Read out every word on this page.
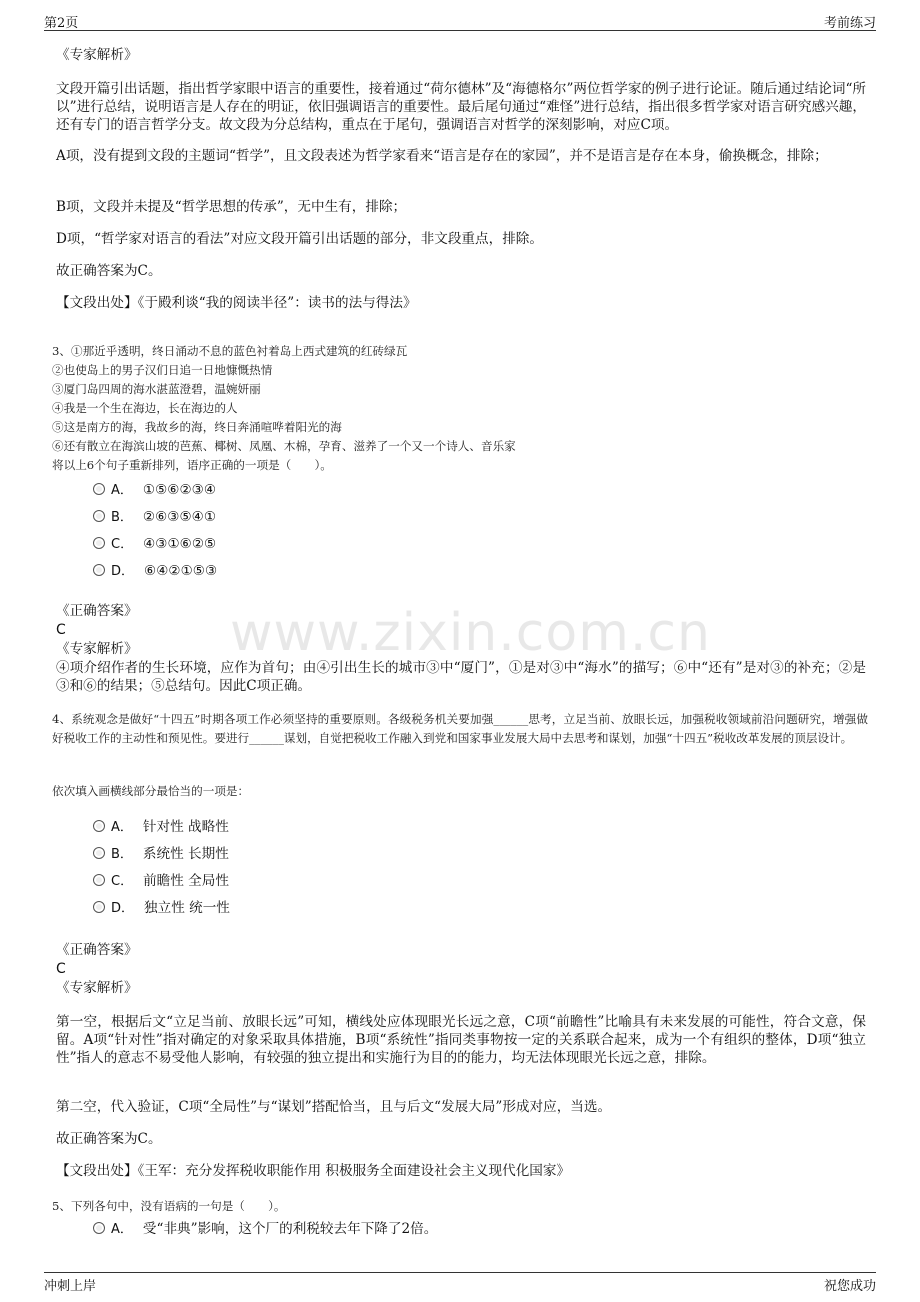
第2页	考前练习
www.zixin.com.cn
《专家解析》
文段开篇引出话题，指出哲学家眼中语言的重要性，接着通过“荷尔德林”及“海德格尔”两位哲学家的例子进行论证。随后通过结论词“所以”进行总结，说明语言是人存在的明证，依旧强调语言的重要性。最后尾句通过“难怪”进行总结，指出很多哲学家对语言研究感兴趣，还有专门的语言哲学分支。故文段为分总结构，重点在于尾句，强调语言对哲学的深刻影响，对应C项。
A项，没有提到文段的主题词“哲学”，且文段表述为哲学家看来“语言是存在的家园”，并不是语言是存在本身，偷换概念，排除；
B项，文段并未提及“哲学思想的传承”，无中生有，排除；
D项，“哲学家对语言的看法”对应文段开篇引出话题的部分，非文段重点，排除。
故正确答案为C。
【文段出处】《于殿利谈“我的阅读半径”：读书的法与得法》
3、①那近乎透明，终日涌动不息的蓝色衬着岛上西式建筑的红砖绿瓦
②也使岛上的男子汉们日追一日地慷慨热情
③厦门岛四周的海水湛蓝澄碧，温婉妍丽
④我是一个生在海边，长在海边的人
⑤这是南方的海，我故乡的海，终日奔涌喧哗着阳光的海
⑥还有散立在海滨山坡的芭蕉、椰树、凤凰、木棉，孕育、滋养了一个又一个诗人、音乐家
将以上6个句子重新排列，语序正确的一项是（　　）。
A． ①⑤⑥②③④
B． ②⑥③⑤④①
C． ④③①⑥②⑤
D． ⑥④②①⑤③
《正确答案》
C
《专家解析》
④项介绍作者的生长环境，应作为首句；由④引出生长的城市③中“厦门”，①是对③中“海水”的描写；⑥中“还有”是对③的补充；②是③和⑥的结果；⑤总结句。因此C项正确。
4、系统观念是做好“十四五”时期各项工作必须坚持的重要原则。各级税务机关要加强______思考，立足当前、放眼长远，加强税收领域前沿问题研究，增强做好税收工作的主动性和预见性。要进行______谋划，自觉把税收工作融入到党和国家事业发展大局中去思考和谋划，加强“十四五”税收改革发展的顶层设计。
依次填入画横线部分最恰当的一项是：
A． 针对性 战略性
B． 系统性 长期性
C． 前瞻性 全局性
D． 独立性 统一性
《正确答案》
C
《专家解析》
第一空，根据后文“立足当前、放眼长远”可知，横线处应体现眼光长远之意，C项“前瞻性”比喻具有未来发展的可能性，符合文意，保留。A项“针对性”指对确定的对象采取具体措施，B项“系统性”指同类事物按一定的关系联合起来，成为一个有组织的整体，D项“独立性”指人的意志不易受他人影响，有较强的独立提出和实施行为目的的能力，均无法体现眼光长远之意，排除。
第二空，代入验证，C项“全局性”与“谋划”搭配恰当，且与后文“发展大局”形成对应，当选。
故正确答案为C。
【文段出处】《王军：充分发挥税收职能作用 积极服务全面建设社会主义现代化国家》
5、下列各句中，没有语病的一句是（　　）。
A． 受“非典”影响，这个厂的利税较去年下降了2倍。
冲刺上岸	祝您成功
